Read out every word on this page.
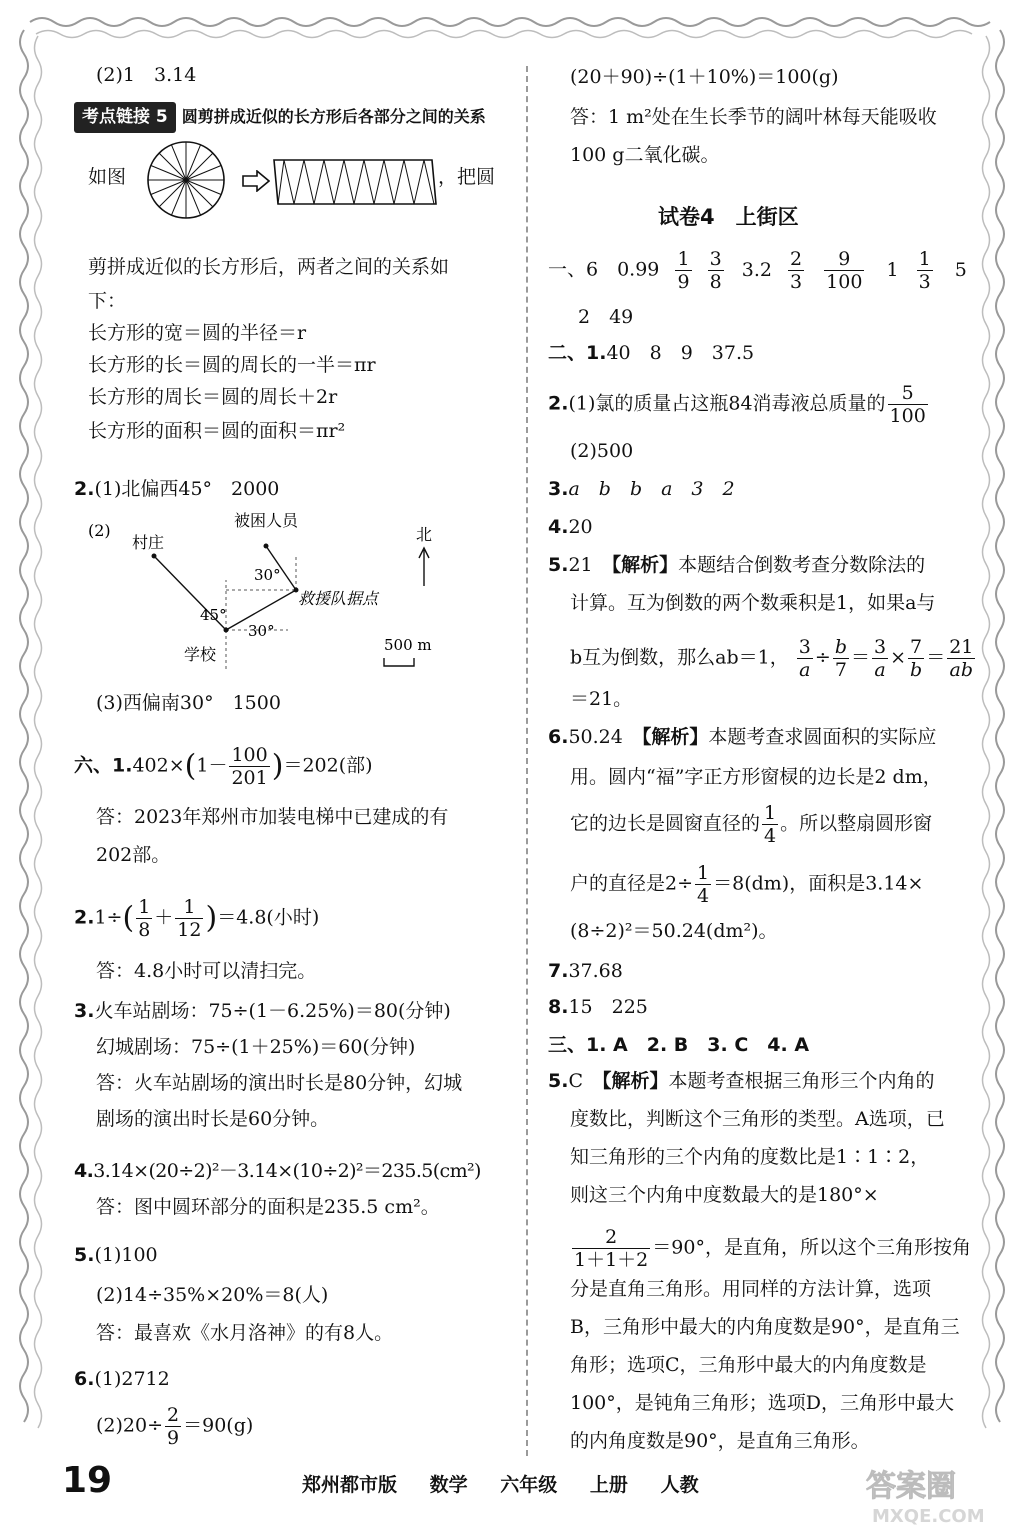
(2)1　3.14
考点链接 5 圆剪拼成近似的长方形后各部分之间的关系
如图	，把圆
剪拼成近似的长方形后，两者之间的关系如
下：
长方形的宽＝圆的半径＝r
长方形的长＝圆的周长的一半＝πr
长方形的周长＝圆的周长＋2r
长方形的面积＝圆的面积＝πr²
2.(1)北偏西45°　2000
(2)
村庄
被困人员
北
救援队据点
学校
45°
30°
30°
500 m
(3)西偏南30°　1500
六、$1.402\times(1- \frac{100}{201} )=202$(部)
答：2023年郑州市加装电梯中已建成的有
202部。
$2.1\div( \frac{1}{8} + \frac{1}{12} )=4.8$(小时)
答：4.8小时可以清扫完。
3.火车站剧场：75÷(1－6.25%)＝80(分钟)
幻城剧场：75÷(1＋25%)＝60(分钟)
答：火车站剧场的演出时长是80分钟，幻城
剧场的演出时长是60分钟。
4.3.14×(20÷2)²－3.14×(10÷2)²＝235.5(cm²)
答：图中圆环部分的面积是235.5 cm²。
5.(1)100
(2)14÷35%×20%＝8(人)
答：最喜欢《水月洛神》的有8人。
6.(1)2712
$(2)20\div \frac{2}{9} =90(g)$
(20＋90)÷(1＋10%)＝100(g)
答：1 m²处在生长季节的阔叶林每天能吸收
100 g二氧化碳。
试卷4　上街区
一、6　$0.99 \frac{1}{9}$
$\frac{3}{8} 3.2 \frac{2}{3}$
$\frac{9}{100} 1 \frac{1}{3} 5$
2　49
二、1.40　8　9　37.5
2.(1)氯的质量占这瓶84消毒液总质量的 $\frac{5}{100}$
(2)500
3.a　b　b　a　3　2
4.20
5.21　 【解析】本题结合倒数考查分数除法的
计算。互为倒数的两个数乘积是1，如果a与
b互为倒数，那么ab＝1， $\frac{3}{a} \div \frac{b}{7} = \frac{3}{a} \times \frac{7}{b} = \frac{21}{ab}$
＝21。
6.50.24　 【解析】本题考查求圆面积的实际应
用。圆内“福”字正方形窗棂的边长是2 dm，
它的边长是圆窗直径的 $\frac{1}{4}$ 。所以整扇圆形窗
户的直径是$2\div \frac{1}{4} =8(dm)$，面积是3.14×
(8÷2)²＝50.24(dm²)。
7.37.68
8.15　225
三、1. A　2. B　3. C　4. A
5.C　 【解析】本题考查根据三角形三个内角的
度数比，判断这个三角形的类型。A选项，已
知三角形的三个内角的度数比是1∶1∶2，
则这三个内角中度数最大的是180°×
$\frac{2}{1+1+2} =90^\circ$，是直角，所以这个三角形按角
分是直角三角形。用同样的方法计算，选项
B，三角形中最大的内角度数是90°，是直角三
角形；选项C，三角形中最大的内角度数是
100°，是钝角三角形；选项D，三角形中最大
的内角度数是90°，是直角三角形。
19	郑州都市版 数学 六年级 上册 人教	答案圈
MXQE.COM
